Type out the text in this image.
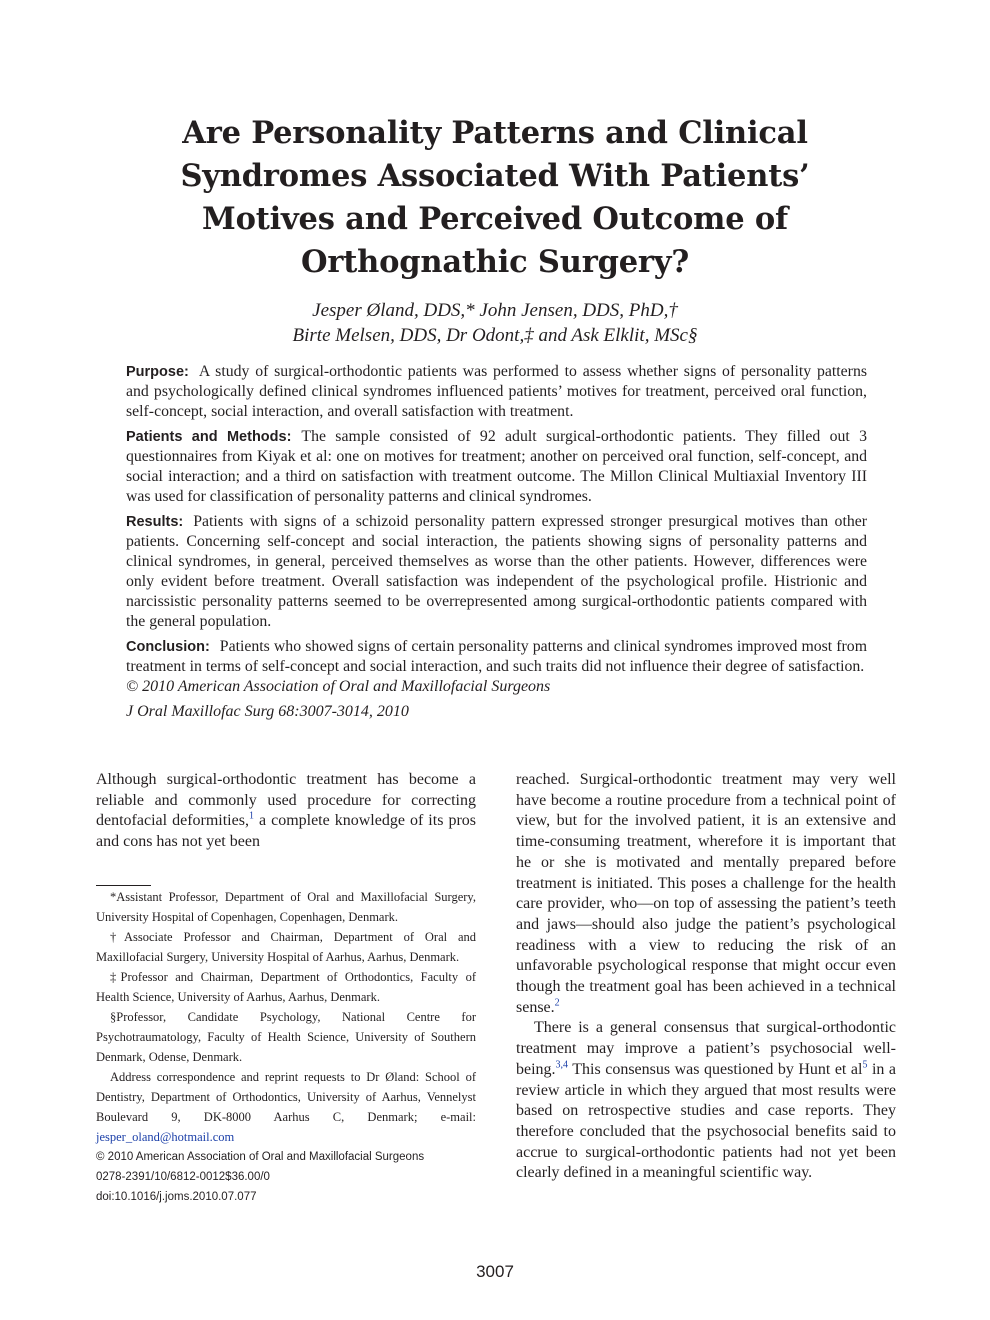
Are Personality Patterns and Clinical Syndromes Associated With Patients’ Motives and Perceived Outcome of Orthognathic Surgery?
Jesper Øland, DDS,* John Jensen, DDS, PhD,†
Birte Melsen, DDS, Dr Odont,‡ and Ask Elklit, MSc§

Purpose: A study of surgical-orthodontic patients was performed to assess whether signs of personality patterns and psychologically defined clinical syndromes influenced patients’ motives for treatment, perceived oral function, self-concept, social interaction, and overall satisfaction with treatment.

Patients and Methods: The sample consisted of 92 adult surgical-orthodontic patients. They filled out 3 questionnaires from Kiyak et al: one on motives for treatment; another on perceived oral function, self-concept, and social interaction; and a third on satisfaction with treatment outcome. The Millon Clinical Multiaxial Inventory III was used for classification of personality patterns and clinical syndromes.

Results: Patients with signs of a schizoid personality pattern expressed stronger presurgical motives than other patients. Concerning self-concept and social interaction, the patients showing signs of personality patterns and clinical syndromes, in general, perceived themselves as worse than the other patients. However, differences were only evident before treatment. Overall satisfaction was independent of the psychological profile. Histrionic and narcissistic personality patterns seemed to be overrepresented among surgical-orthodontic patients compared with the general population.

Conclusion: Patients who showed signs of certain personality patterns and clinical syndromes improved most from treatment in terms of self-concept and social interaction, and such traits did not influence their degree of satisfaction.

© 2010 American Association of Oral and Maxillofacial Surgeons

J Oral Maxillofac Surg 68:3007-3014, 2010

Although surgical-orthodontic treatment has become a reliable and commonly used procedure for correcting dentofacial deformities,$^1$ a complete knowledge of its pros and cons has not yet been

*Assistant Professor, Department of Oral and Maxillofacial Surgery, University Hospital of Copenhagen, Copenhagen, Denmark.

†Associate Professor and Chairman, Department of Oral and Maxillofacial Surgery, University Hospital of Aarhus, Aarhus, Denmark.

‡Professor and Chairman, Department of Orthodontics, Faculty of Health Science, University of Aarhus, Aarhus, Denmark.

§Professor, Candidate Psychology, National Centre for Psychotraumatology, Faculty of Health Science, University of Southern Denmark, Odense, Denmark.

Address correspondence and reprint requests to Dr Øland: School of Dentistry, Department of Orthodontics, University of Aarhus, Vennelyst Boulevard 9, DK-8000 Aarhus C, Denmark; e-mail: jesper_oland@hotmail.com

© 2010 American Association of Oral and Maxillofacial Surgeons

0278-2391/10/6812-0012$36.00/0

doi:10.1016/j.joms.2010.07.077

reached. Surgical-orthodontic treatment may very well have become a routine procedure from a technical point of view, but for the involved patient, it is an extensive and time-consuming treatment, wherefore it is important that he or she is motivated and mentally prepared before treatment is initiated. This poses a challenge for the health care provider, who—on top of assessing the patient’s teeth and jaws—should also judge the patient’s psychological readiness with a view to reducing the risk of an unfavorable psychological response that might occur even though the treatment goal has been achieved in a technical sense.$^2$

There is a general consensus that surgical-orthodontic treatment may improve a patient’s psychosocial well-being.$^{3,4}$ This consensus was questioned by Hunt et $al^5$ in a review article in which they argued that most results were based on retrospective studies and case reports. They therefore concluded that the psychosocial benefits said to accrue to surgical-orthodontic patients had not yet been clearly defined in a meaningful scientific way.

3007
